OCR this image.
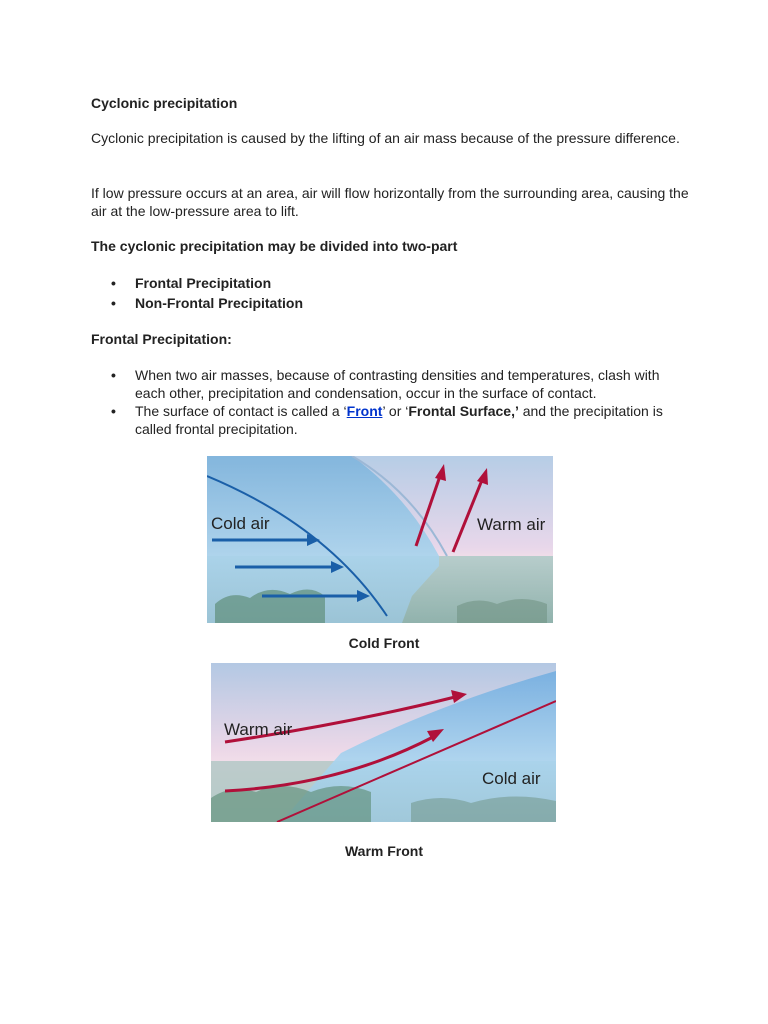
Cyclonic precipitation
Cyclonic precipitation is caused by the lifting of an air mass because of the pressure difference.
If low pressure occurs at an area, air will flow horizontally from the surrounding area, causing the air at the low-pressure area to lift.
The cyclonic precipitation may be divided into two-part
• Frontal Precipitation
• Non-Frontal Precipitation
Frontal Precipitation:
• When two air masses, because of contrasting densities and temperatures, clash with each other, precipitation and condensation, occur in the surface of contact.
• The surface of contact is called a ‘Front’ or ‘Frontal Surface,’ and the precipitation is called frontal precipitation.
Cold air	Warm air
Cold Front
Warm air
Cold air
Warm Front
